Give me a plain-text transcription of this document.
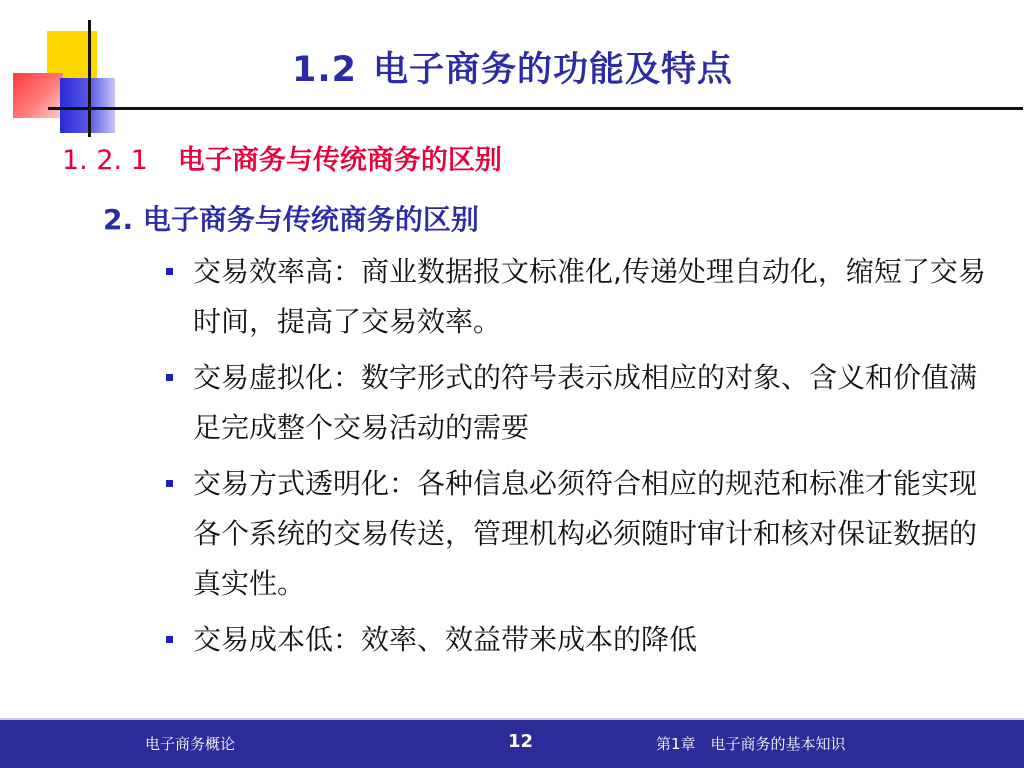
1.2 电子商务的功能及特点
1. 2. 1 电子商务与传统商务的区别
2. 电子商务与传统商务的区别
交易效率高：商业数据报文标准化,传递处理自动化，缩短了交易时间，提高了交易效率。
交易虚拟化：数字形式的符号表示成相应的对象、含义和价值满足完成整个交易活动的需要
交易方式透明化：各种信息必须符合相应的规范和标准才能实现各个系统的交易传送，管理机构必须随时审计和核对保证数据的真实性。
交易成本低：效率、效益带来成本的降低
电子商务概论	12	第1章　电子商务的基本知识
